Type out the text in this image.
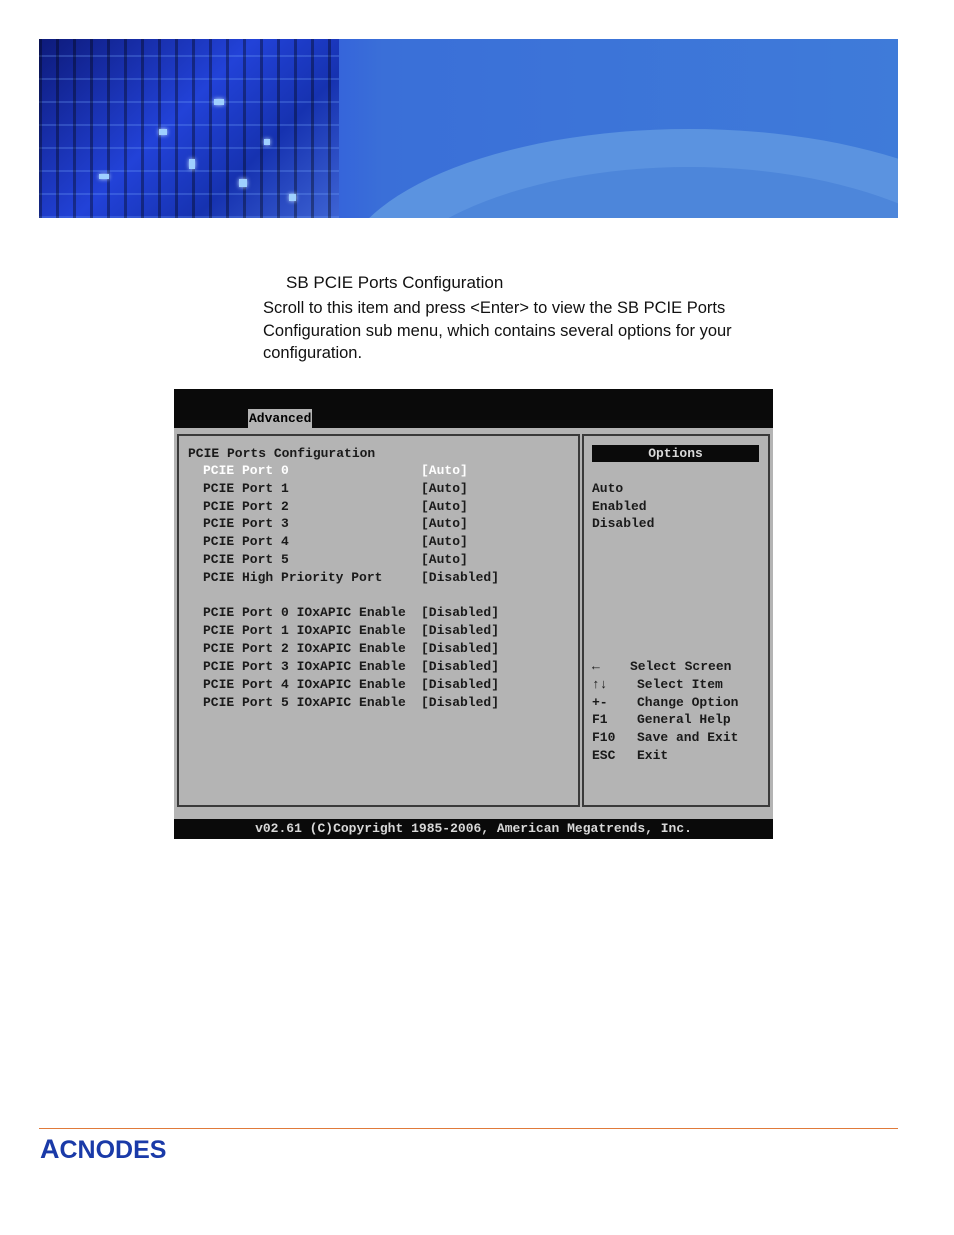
SB PCIE Ports Configuration
Scroll to this item and press <Enter> to view the SB PCIE Ports Configuration sub menu, which contains several options for your configuration.
Advanced
PCIE Ports Configuration
PCIE Port 0	[Auto]
PCIE Port 1	[Auto]
PCIE Port 2	[Auto]
PCIE Port 3	[Auto]
PCIE Port 4	[Auto]
PCIE Port 5	[Auto]
PCIE High Priority Port	[Disabled]
PCIE Port 0 IOxAPIC Enable [Disabled]
PCIE Port 1 IOxAPIC Enable [Disabled]
PCIE Port 2 IOxAPIC Enable [Disabled]
PCIE Port 3 IOxAPIC Enable [Disabled]
PCIE Port 4 IOxAPIC Enable [Disabled]
PCIE Port 5 IOxAPIC Enable [Disabled]
Options
Auto
Enabled
Disabled
← Select Screen
↑↓ Select Item
+- Change Option
F1 General Help
F10 Save and Exit
ESC Exit
v02.61 (C)Copyright 1985-2006, American Megatrends, Inc.
ACNODES
